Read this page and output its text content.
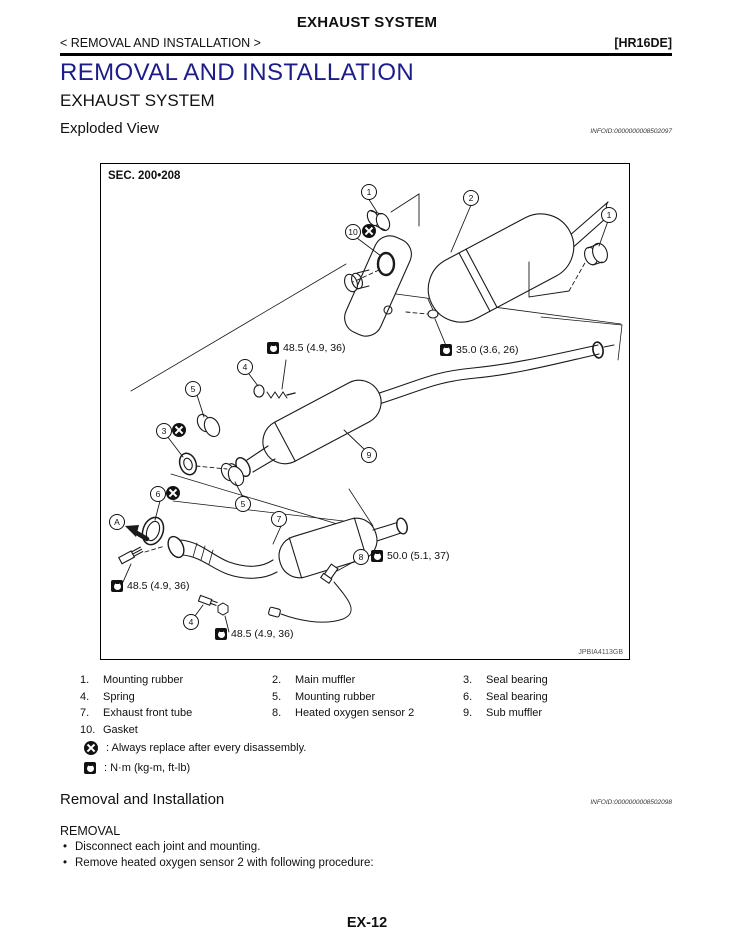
EXHAUST SYSTEM
< REMOVAL AND INSTALLATION >	[HR16DE]
REMOVAL AND INSTALLATION
EXHAUST SYSTEM
Exploded View	INFOID:0000000008502097
SEC. 200•208
1
1
2
10
3
4
4
5
5
6
7
8
9
A
48.5 (4.9, 36)	35.0 (3.6, 26)
50.0 (5.1, 37)
48.5 (4.9, 36)
48.5 (4.9, 36)
JPBIA4113GB
1.	Mounting rubber	2.	Main muffler	3.	Seal bearing
4.	Spring	5.	Mounting rubber	6.	Seal bearing
7.	Exhaust front tube	8.	Heated oxygen sensor 2	9.	Sub muffler
10. Gasket
: Always replace after every disassembly.
: N·m (kg-m, ft-lb)
Removal and Installation	INFOID:0000000008502098
REMOVAL
• Disconnect each joint and mounting.
• Remove heated oxygen sensor 2 with following procedure:
EX-12
